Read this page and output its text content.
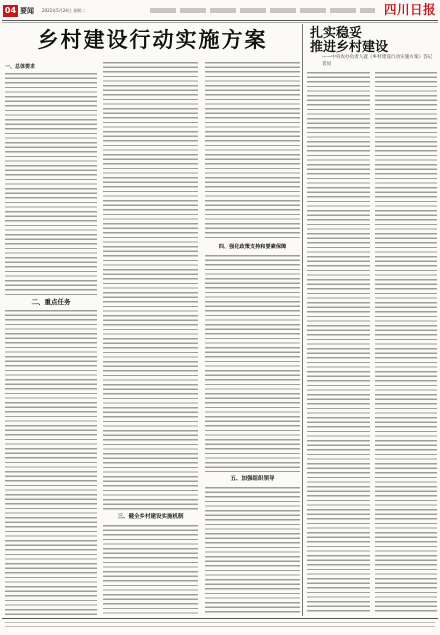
04 要闻 2022年5月24日 星期二	四川日报
乡村建设行动实施方案
一、总体要求
二、重点任务
三、健全乡村建设实施机制
四、强化政策支持和要素保障
五、加强组织领导
扎实稳妥
推进乡村建设
——中央农办负责人就《乡村建设行动实施方案》答记者问
